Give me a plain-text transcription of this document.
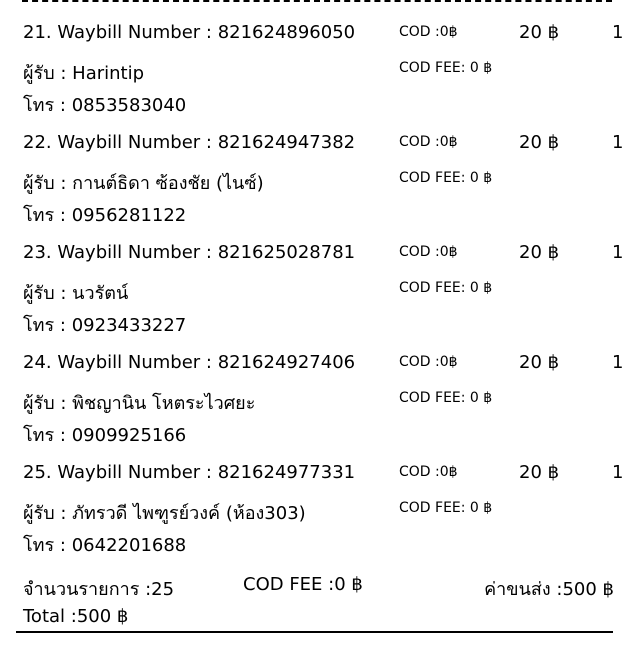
21. Waybill Number : 821624896050
ผู้รับ : Harintip
โทร : 0853583040
COD :0฿
COD FEE: 0 ฿
20 ฿	1
22. Waybill Number : 821624947382
ผู้รับ : กานต์ธิดา ซ้องชัย (ไนซ์)
โทร : 0956281122
COD :0฿
COD FEE: 0 ฿
20 ฿	1
23. Waybill Number : 821625028781
ผู้รับ : นวรัตน์
โทร : 0923433227
COD :0฿
COD FEE: 0 ฿
20 ฿	1
24. Waybill Number : 821624927406
ผู้รับ : พิชญานิน โหตระไวศยะ
โทร : 0909925166
COD :0฿
COD FEE: 0 ฿
20 ฿	1
25. Waybill Number : 821624977331
ผู้รับ : ภัทรวดี ไพฑูรย์วงค์ (ห้อง303)
โทร : 0642201688
COD :0฿
COD FEE: 0 ฿
20 ฿	1
จำนวนรายการ :25	COD FEE :0 ฿	ค่าขนส่ง :500 ฿
Total :500 ฿
